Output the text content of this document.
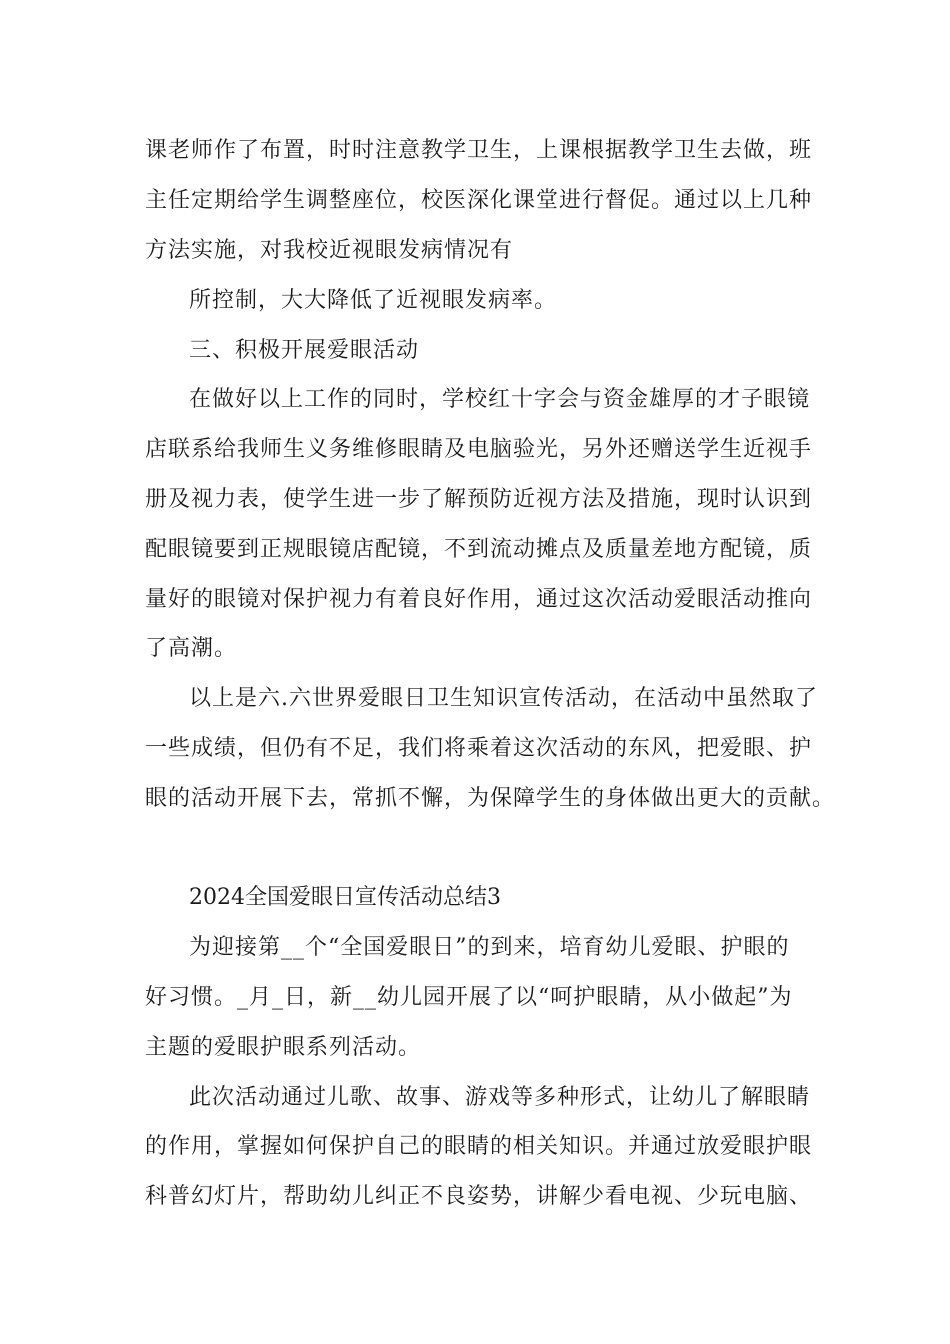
课老师作了布置，时时注意教学卫生，上课根据教学卫生去做，班
主任定期给学生调整座位，校医深化课堂进行督促。通过以上几种
方法实施，对我校近视眼发病情况有
所控制，大大降低了近视眼发病率。
三、积极开展爱眼活动
在做好以上工作的同时，学校红十字会与资金雄厚的才子眼镜
店联系给我师生义务维修眼睛及电脑验光，另外还赠送学生近视手
册及视力表，使学生进一步了解预防近视方法及措施，现时认识到
配眼镜要到正规眼镜店配镜，不到流动摊点及质量差地方配镜，质
量好的眼镜对保护视力有着良好作用，通过这次活动爱眼活动推向
了高潮。
以上是六.六世界爱眼日卫生知识宣传活动，在活动中虽然取了
一些成绩，但仍有不足，我们将乘着这次活动的东风，把爱眼、护
眼的活动开展下去，常抓不懈，为保障学生的身体做出更大的贡献。
2024全国爱眼日宣传活动总结3
为迎接第__个“全国爱眼日”的到来，培育幼儿爱眼、护眼的
好习惯。_月_日，新__幼儿园开展了以“呵护眼睛，从小做起”为
主题的爱眼护眼系列活动。
此次活动通过儿歌、故事、游戏等多种形式，让幼儿了解眼睛
的作用，掌握如何保护自己的眼睛的相关知识。并通过放爱眼护眼
科普幻灯片，帮助幼儿纠正不良姿势，讲解少看电视、少玩电脑、
